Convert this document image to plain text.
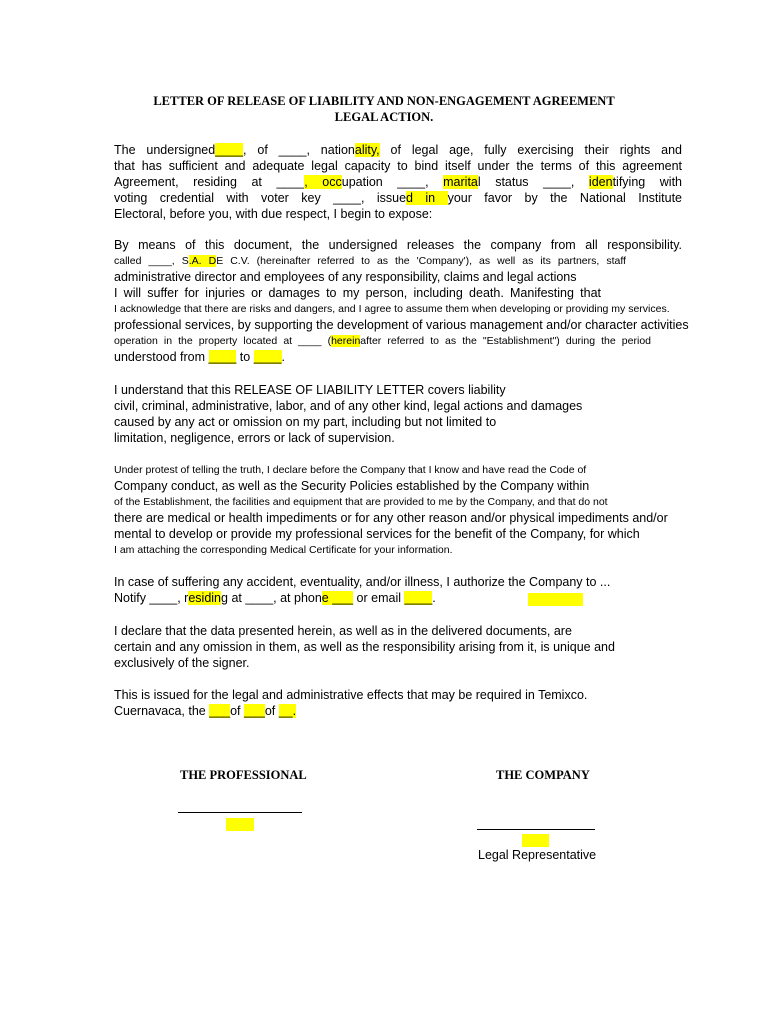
LETTER OF RELEASE OF LIABILITY AND NON-ENGAGEMENT AGREEMENT
LEGAL ACTION.
The undersigned____, of ____, nationality, of legal age, fully exercising their rights and
that has sufficient and adequate legal capacity to bind itself under the terms of this agreement
Agreement, residing at ____, occupation ____, marital status ____, identifying with
voting credential with voter key ____, issued in your favor by the National Institute
Electoral, before you, with due respect, I begin to expose:
By means of this document, the undersigned releases the company from all responsibility.
called ____, S.A. DE C.V. (hereinafter referred to as the 'Company'), as well as its partners, staff
administrative director and employees of any responsibility, claims and legal actions
I will suffer for injuries or damages to my person, including death. Manifesting that
I acknowledge that there are risks and dangers, and I agree to assume them when developing or providing my services.
professional services, by supporting the development of various management and/or character activities
operation in the property located at ____ (hereinafter referred to as the "Establishment") during the period
understood from ____ to ____.
I understand that this RELEASE OF LIABILITY LETTER covers liability
civil, criminal, administrative, labor, and of any other kind, legal actions and damages
caused by any act or omission on my part, including but not limited to
limitation, negligence, errors or lack of supervision.
Under protest of telling the truth, I declare before the Company that I know and have read the Code of
Company conduct, as well as the Security Policies established by the Company within
of the Establishment, the facilities and equipment that are provided to me by the Company, and that do not
there are medical or health impediments or for any other reason and/or physical impediments and/or
mental to develop or provide my professional services for the benefit of the Company, for which
I am attaching the corresponding Medical Certificate for your information.
In case of suffering any accident, eventuality, and/or illness, I authorize the Company to ...
Notify ____, residing at ____, at phone ___ or email ____.
I declare that the data presented herein, as well as in the delivered documents, are
certain and any omission in them, as well as the responsibility arising from it, is unique and
exclusively of the signer.
This is issued for the legal and administrative effects that may be required in Temixco.
Cuernavaca, the ___of ___of __.
THE PROFESSIONAL	THE COMPANY
Legal Representative
